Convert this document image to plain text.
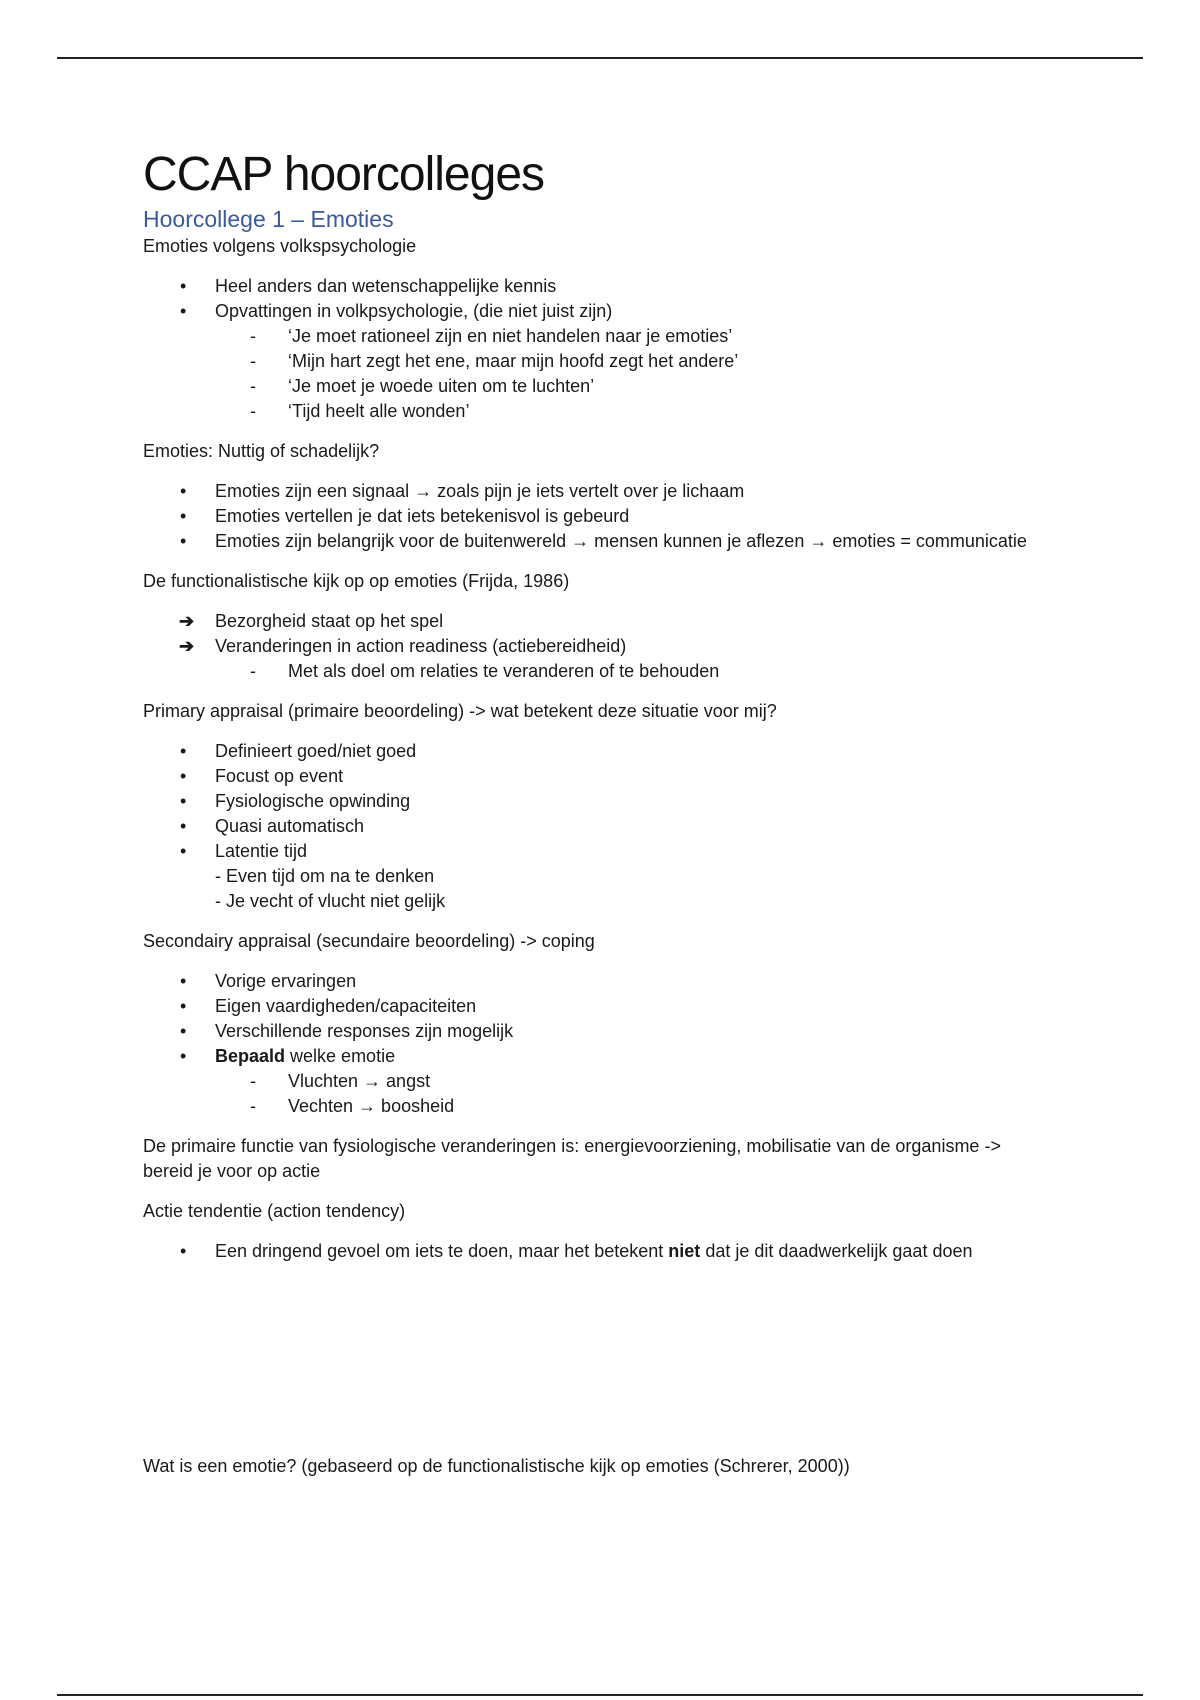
CCAP hoorcolleges
Hoorcollege 1 – Emoties

Emoties volgens volkspsychologie

• Heel anders dan wetenschappelijke kennis
• Opvattingen in volkpsychologie, (die niet juist zijn)
- ‘Je moet rationeel zijn en niet handelen naar je emoties’
- ‘Mijn hart zegt het ene, maar mijn hoofd zegt het andere’
- ‘Je moet je woede uiten om te luchten’
- ‘Tijd heelt alle wonden’

Emoties: Nuttig of schadelijk?

• Emoties zijn een signaal → zoals pijn je iets vertelt over je lichaam
• Emoties vertellen je dat iets betekenisvol is gebeurd
• Emoties zijn belangrijk voor de buitenwereld → mensen kunnen je aflezen → emoties = communicatie

De functionalistische kijk op op emoties (Frijda, 1986)

➔ Bezorgheid staat op het spel
➔ Veranderingen in action readiness (actiebereidheid)
- Met als doel om relaties te veranderen of te behouden

Primary appraisal (primaire beoordeling) -> wat betekent deze situatie voor mij?

• Definieert goed/niet goed
• Focust op event
• Fysiologische opwinding
• Quasi automatisch
• Latentie tijd
- Even tijd om na te denken
- Je vecht of vlucht niet gelijk

Secondairy appraisal (secundaire beoordeling) -> coping

• Vorige ervaringen
• Eigen vaardigheden/capaciteiten
• Verschillende responses zijn mogelijk
• Bepaald welke emotie
- Vluchten → angst
- Vechten → boosheid

De primaire functie van fysiologische veranderingen is: energievoorziening, mobilisatie van de organisme -> bereid je voor op actie

Actie tendentie (action tendency)

• Een dringend gevoel om iets te doen, maar het betekent niet dat je dit daadwerkelijk gaat doen

Wat is een emotie? (gebaseerd op de functionalistische kijk op emoties (Schrerer, 2000))
